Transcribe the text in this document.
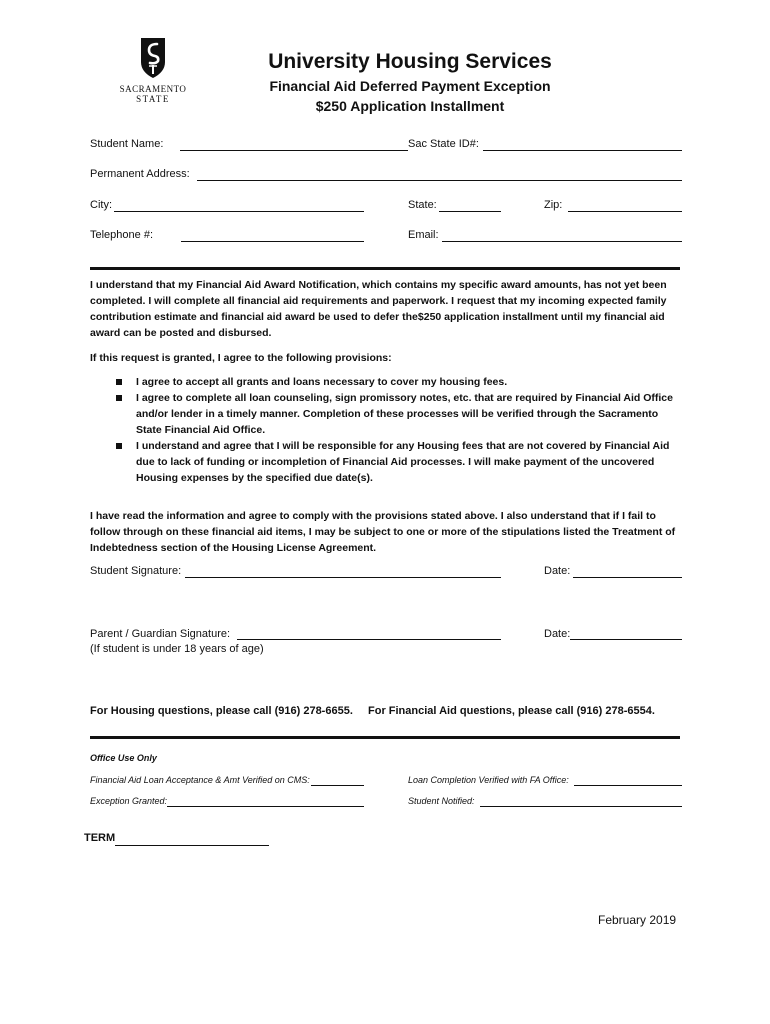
SACRAMENTO
STATE
University Housing Services
Financial Aid Deferred Payment Exception
$250 Application Installment
Student Name:	Sac State ID#:
Permanent Address:
City:	State:	Zip:
Telephone #:	Email:
I understand that my Financial Aid Award Notification, which contains my specific award amounts, has not yet been completed. I will complete all financial aid requirements and paperwork. I request that my incoming expected family contribution estimate and financial aid award be used to defer the$250 application installment until my financial aid award can be posted and disbursed.
If this request is granted, I agree to the following provisions:
I agree to accept all grants and loans necessary to cover my housing fees.
I agree to complete all loan counseling, sign promissory notes, etc. that are required by Financial Aid Office and/or lender in a timely manner. Completion of these processes will be verified through the Sacramento State Financial Aid Office.
I understand and agree that I will be responsible for any Housing fees that are not covered by Financial Aid due to lack of funding or incompletion of Financial Aid processes. I will make payment of the uncovered Housing expenses by the specified due date(s).
I have read the information and agree to comply with the provisions stated above. I also understand that if I fail to follow through on these financial aid items, I may be subject to one or more of the stipulations listed the Treatment of Indebtedness section of the Housing License Agreement.
Student Signature:	Date:
Parent / Guardian Signature:	Date:
(If student is under 18 years of age)
For Housing questions, please call (916) 278-6655. For Financial Aid questions, please call (916) 278-6554.
Office Use Only
Financial Aid Loan Acceptance & Amt Verified on CMS:	Loan Completion Verified with FA Office:
Exception Granted:	Student Notified:
TERM
February 2019
